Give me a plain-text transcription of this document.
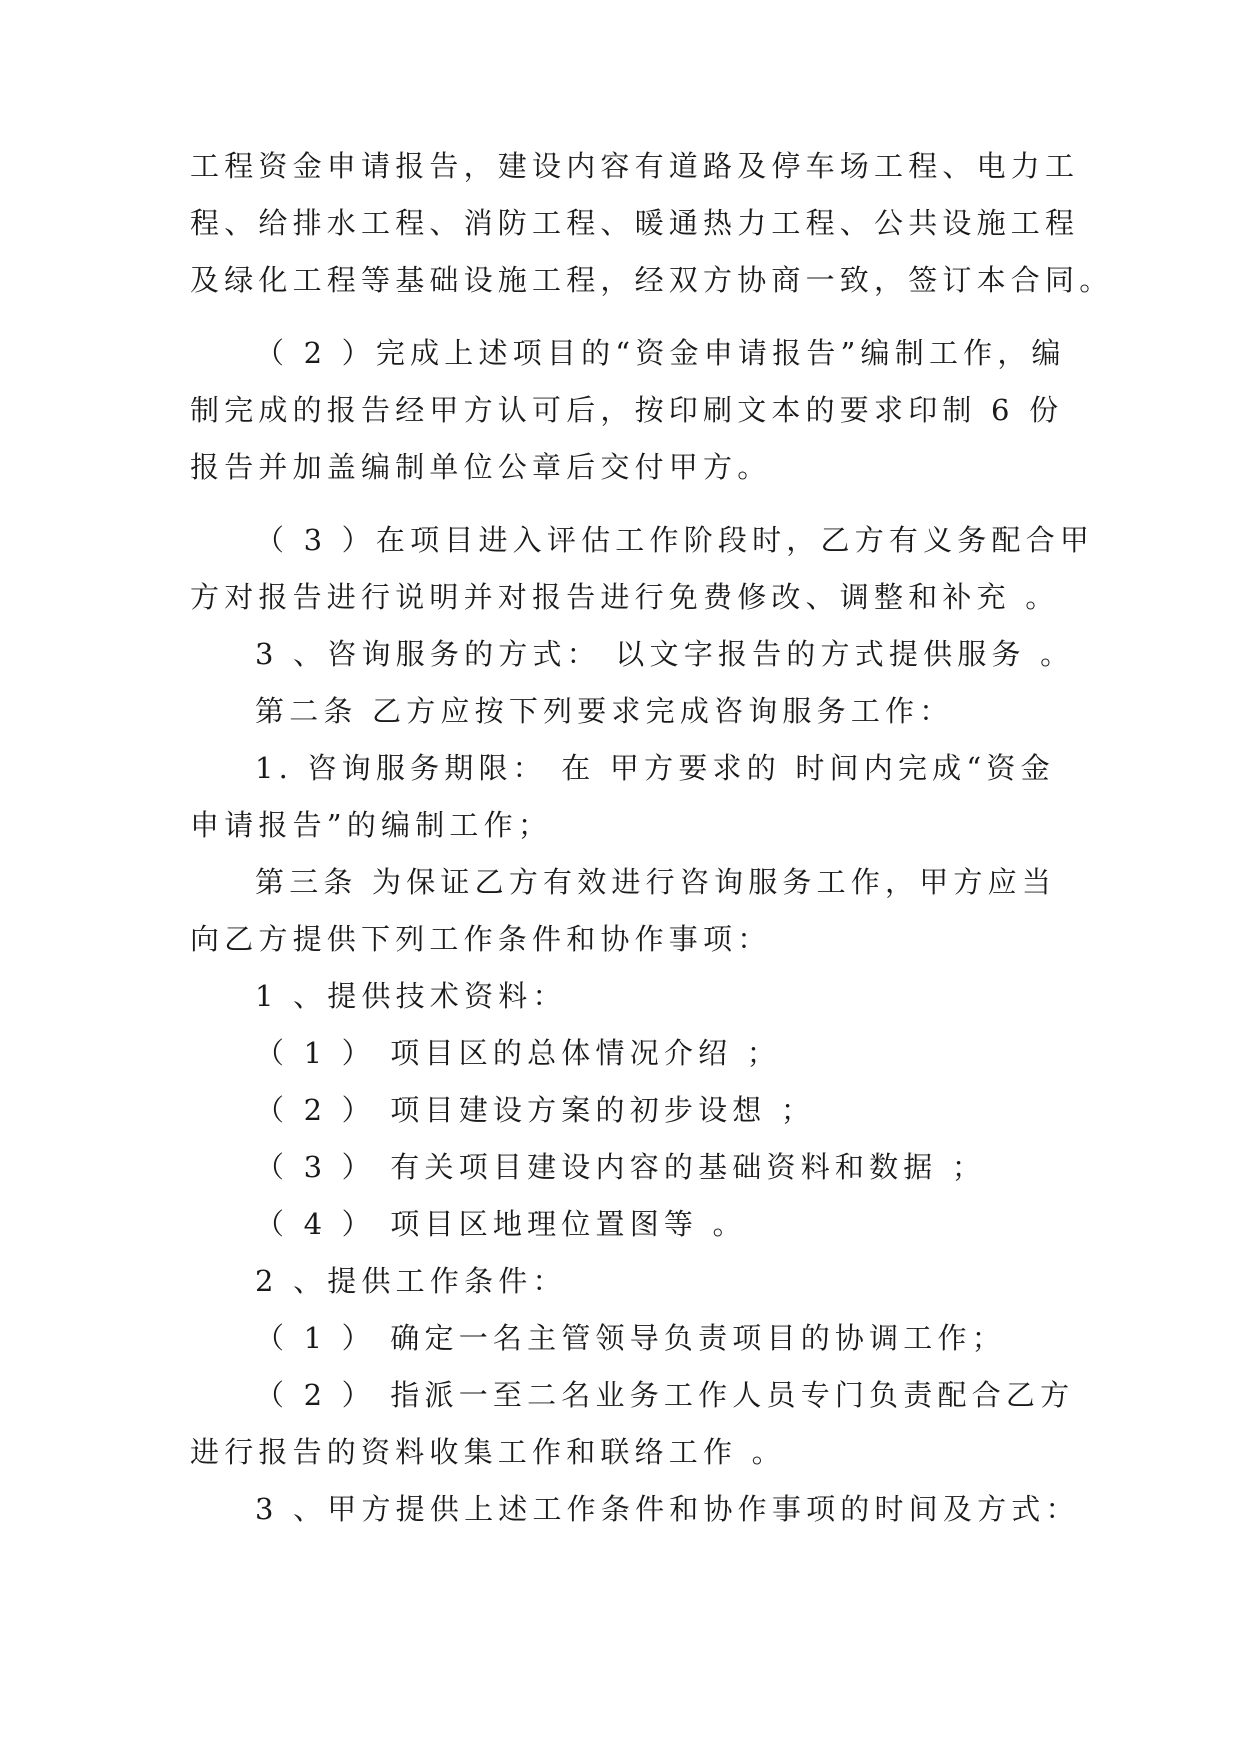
工程资金申请报告，建设内容有道路及停车场工程、电力工
程、给排水工程、消防工程、暖通热力工程、公共设施工程
及绿化工程等基础设施工程，经双方协商一致，签订本合同。
（ 2 ）完成上述项目的“资金申请报告”编制工作，编
制完成的报告经甲方认可后，按印刷文本的要求印制 6 份
报告并加盖编制单位公章后交付甲方。
（ 3 ）在项目进入评估工作阶段时，乙方有义务配合甲
方对报告进行说明并对报告进行免费修改、调整和补充 。
3 、咨询服务的方式： 以文字报告的方式提供服务 。
第二条 乙方应按下列要求完成咨询服务工作：
1. 咨询服务期限： 在 甲方要求的 时间内完成“资金
申请报告”的编制工作；
第三条 为保证乙方有效进行咨询服务工作，甲方应当
向乙方提供下列工作条件和协作事项：
1 、提供技术资料：
（ 1 ） 项目区的总体情况介绍 ；
（ 2 ） 项目建设方案的初步设想 ；
（ 3 ） 有关项目建设内容的基础资料和数据 ；
（ 4 ） 项目区地理位置图等 。
2 、提供工作条件：
（ 1 ） 确定一名主管领导负责项目的协调工作；
（ 2 ） 指派一至二名业务工作人员专门负责配合乙方
进行报告的资料收集工作和联络工作 。
3 、甲方提供上述工作条件和协作事项的时间及方式：
